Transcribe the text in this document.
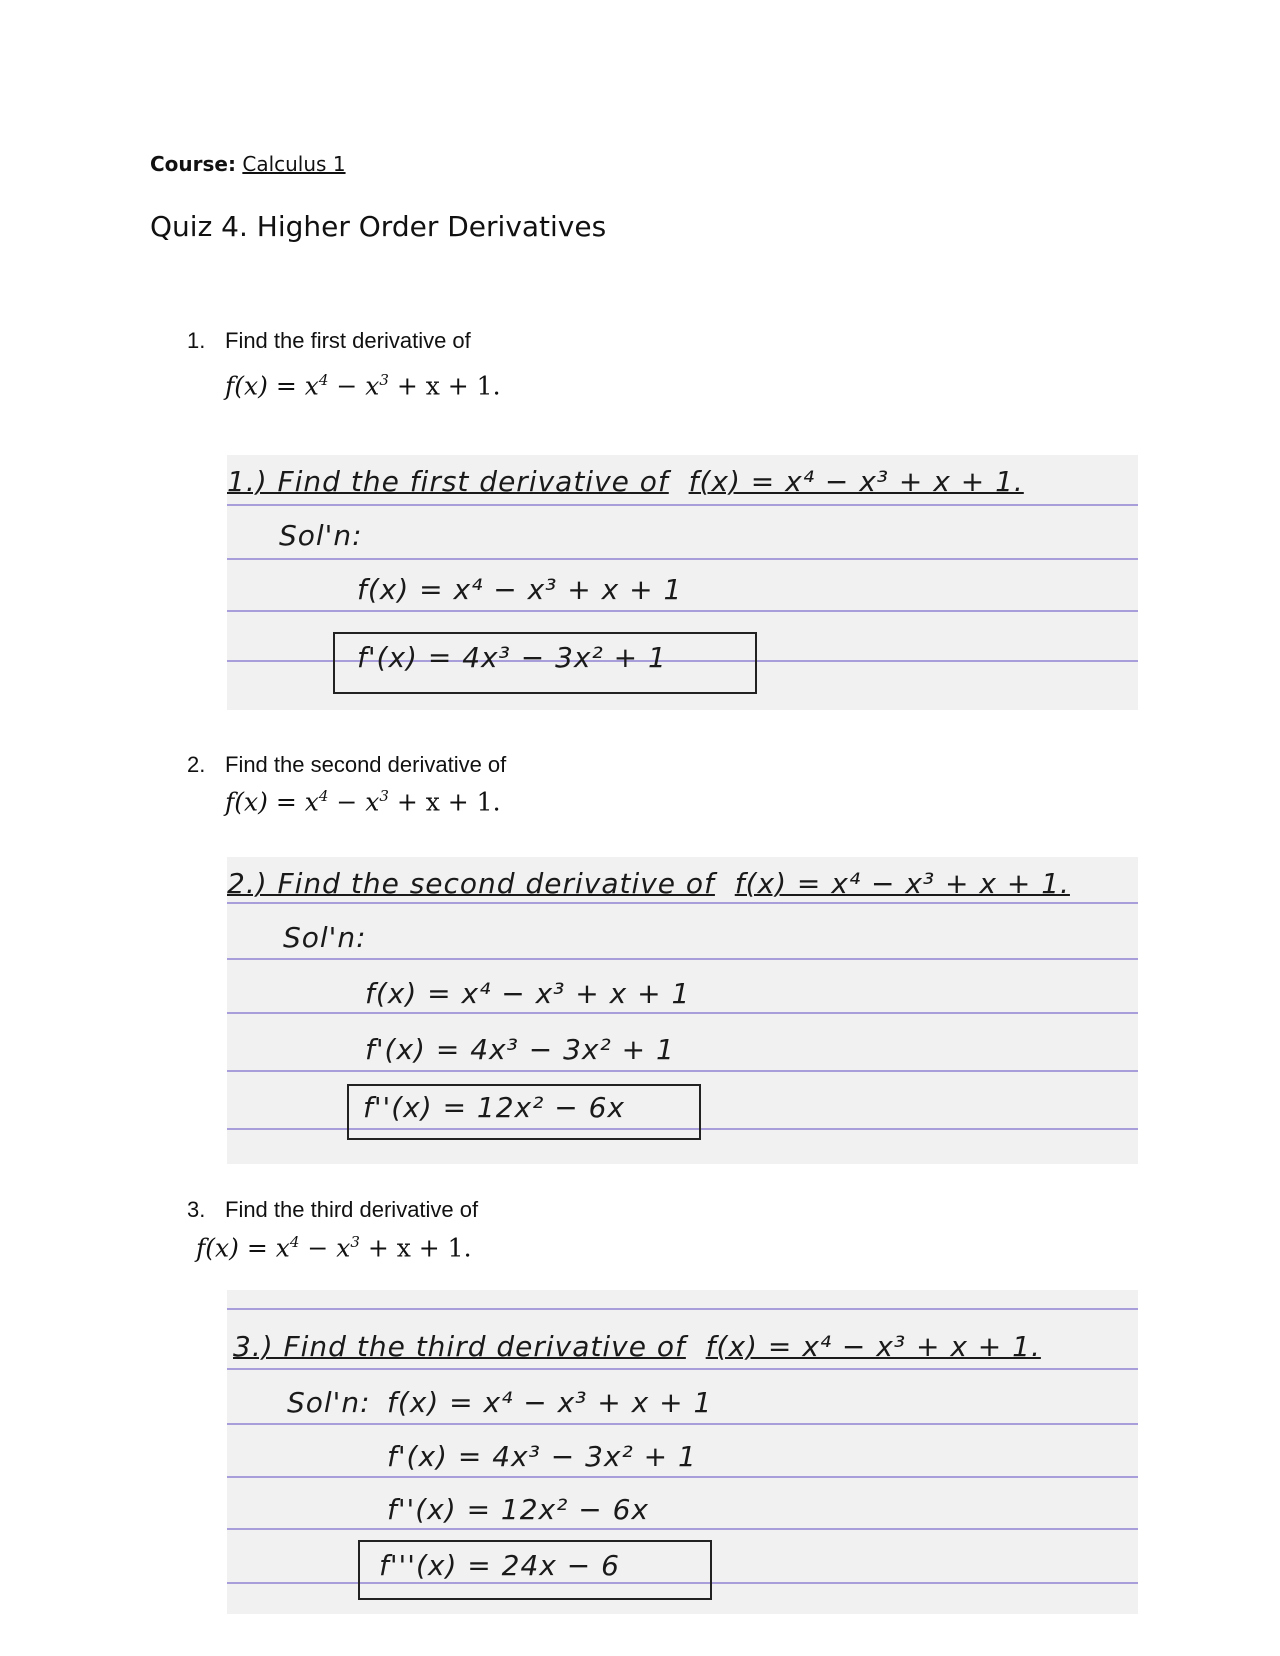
Course: Calculus 1
Quiz 4. Higher Order Derivatives
1. Find the first derivative of
$f(x) = x^4 - x^3 + x + 1$.
1.) Find the first derivative of f(x) = x⁴ − x³ + x + 1.
Sol'n:
f(x) = x⁴ − x³ + x + 1
f'(x) = 4x³ − 3x² + 1
2. Find the second derivative of
$f(x) = x^4 - x^3 + x + 1$.
2.) Find the second derivative of f(x) = x⁴ − x³ + x + 1.
Sol'n:
f(x) = x⁴ − x³ + x + 1
f'(x) = 4x³ − 3x² + 1
f''(x) = 12x² − 6x
3. Find the third derivative of
$f(x) = x^4 - x^3 + x + 1$.
3.) Find the third derivative of f(x) = x⁴ − x³ + x + 1.
Sol'n: f(x) = x⁴ − x³ + x + 1
f'(x) = 4x³ − 3x² + 1
f''(x) = 12x² − 6x
f'''(x) = 24x − 6
